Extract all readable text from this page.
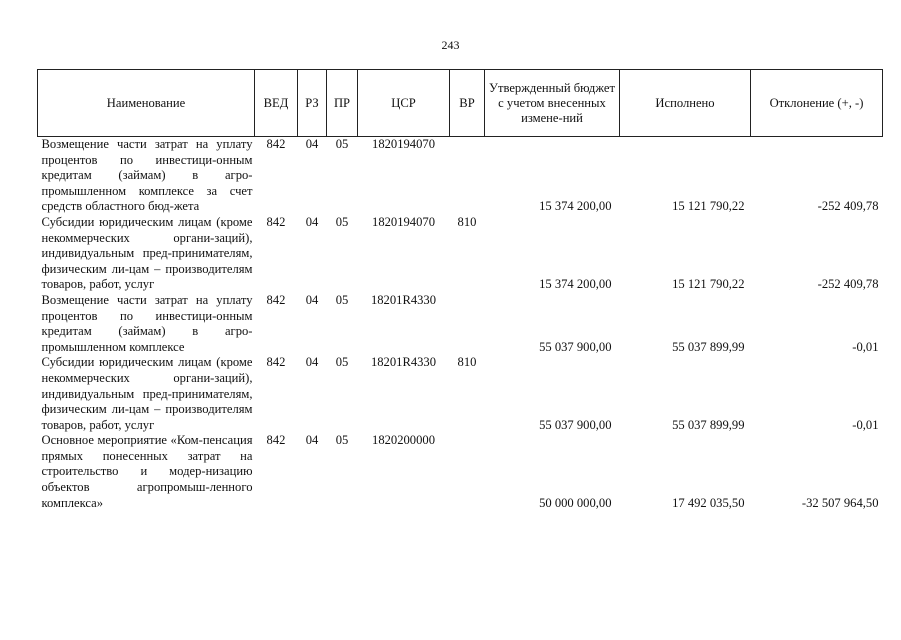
243
Наименование	ВЕД	РЗ	ПР	ЦСР	ВР	Утвержденный бюджет с учетом внесенных измене-ний	Исполнено	Отклонение (+, -)
Возмещение части затрат на уплату процентов по инвестици-онным кредитам (займам) в агро-промышленном комплексе за счет средств областного бюд-жета	842	04	05	1820194070		15 374 200,00	15 121 790,22	-252 409,78
Субсидии юридическим лицам (кроме некоммерческих органи-заций), индивидуальным пред-принимателям, физическим ли-цам – производителям товаров, работ, услуг	842	04	05	1820194070	810	15 374 200,00	15 121 790,22	-252 409,78
Возмещение части затрат на уплату процентов по инвестици-онным кредитам (займам) в агро-промышленном комплексе	842	04	05	18201R4330		55 037 900,00	55 037 899,99	-0,01
Субсидии юридическим лицам (кроме некоммерческих органи-заций), индивидуальным пред-принимателям, физическим ли-цам – производителям товаров, работ, услуг	842	04	05	18201R4330	810	55 037 900,00	55 037 899,99	-0,01
Основное мероприятие «Ком-пенсация прямых понесенных затрат на строительство и модер-низацию объектов агропромыш-ленного комплекса»	842	04	05	1820200000		50 000 000,00	17 492 035,50	-32 507 964,50
